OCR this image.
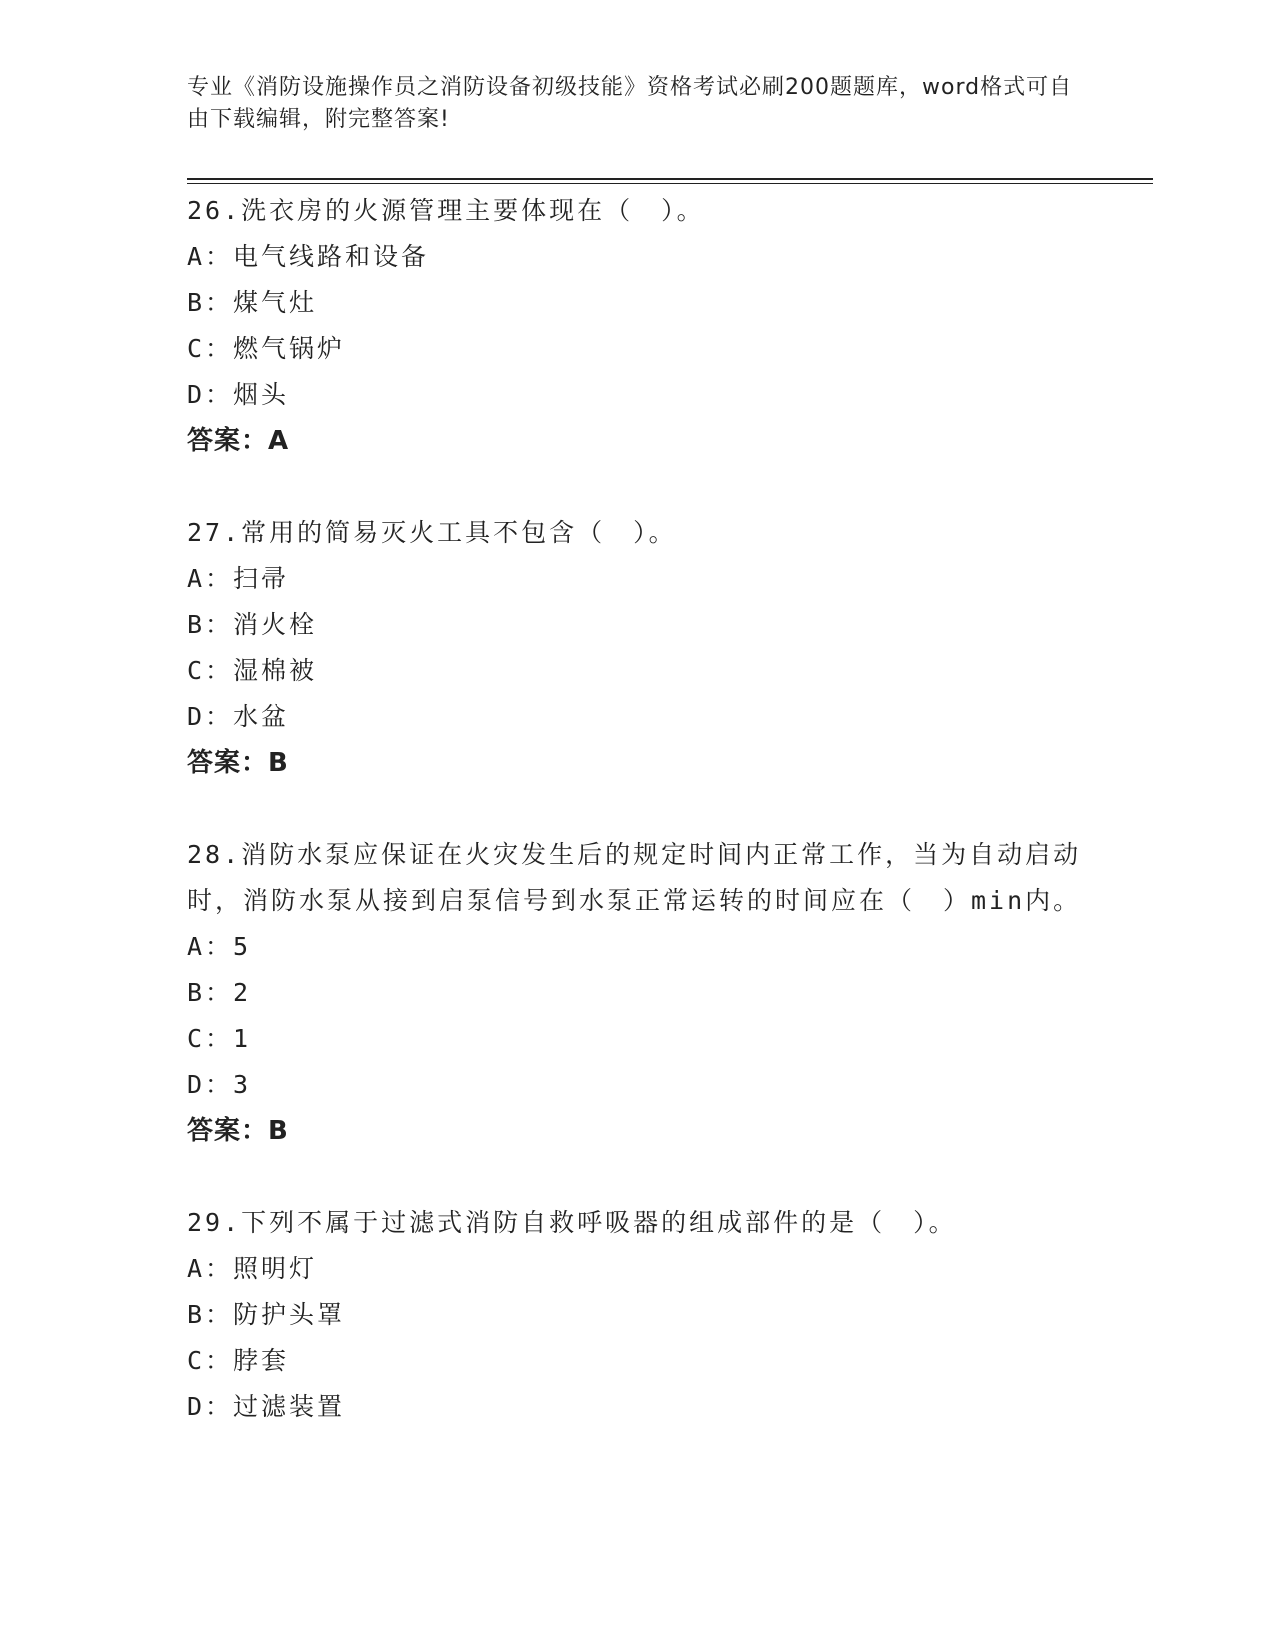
专业《消防设施操作员之消防设备初级技能》资格考试必刷200题题库，word格式可自由下载编辑，附完整答案!
26.洗衣房的火源管理主要体现在（　）。
A： 电气线路和设备
B： 煤气灶
C： 燃气锅炉
D： 烟头
答案：A
27.常用的简易灭火工具不包含（　）。
A： 扫帚
B： 消火栓
C： 湿棉被
D： 水盆
答案：B
28.消防水泵应保证在火灾发生后的规定时间内正常工作，当为自动启动时，消防水泵从接到启泵信号到水泵正常运转的时间应在（　）min内。
A： 5
B： 2
C： 1
D： 3
答案：B
29.下列不属于过滤式消防自救呼吸器的组成部件的是（　）。
A： 照明灯
B： 防护头罩
C： 脖套
D： 过滤装置
